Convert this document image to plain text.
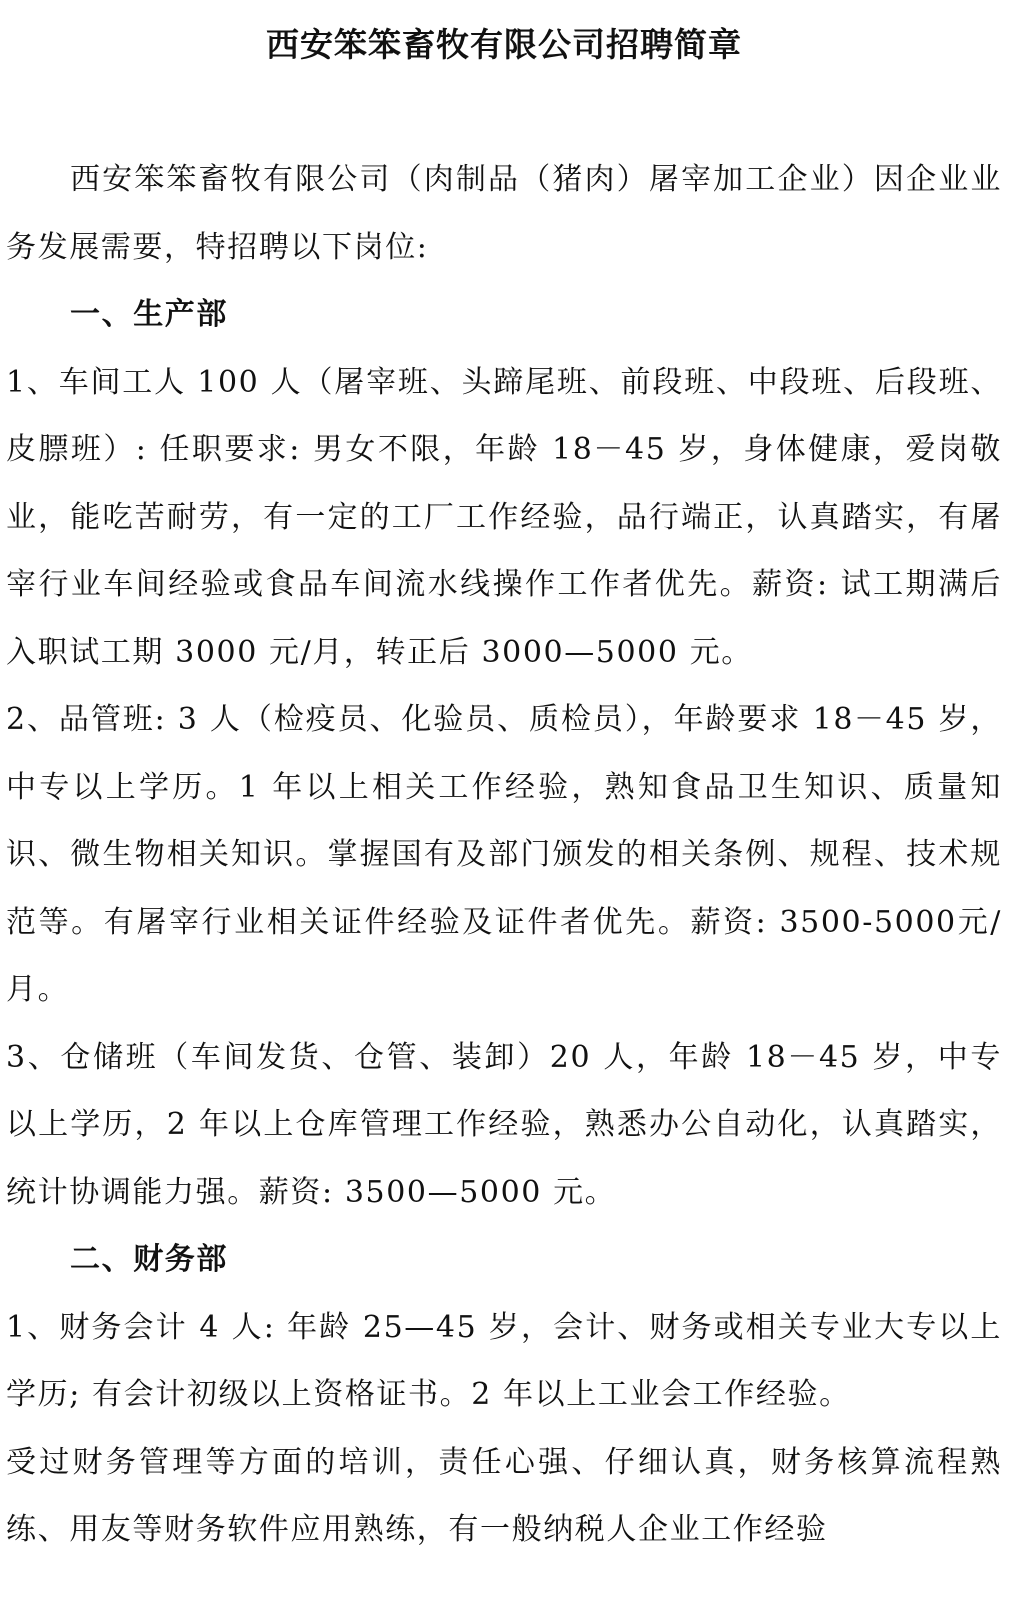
西安笨笨畜牧有限公司招聘简章

西安笨笨畜牧有限公司（肉制品（猪肉）屠宰加工企业）因企业业务发展需要，特招聘以下岗位:

一、生产部

1、车间工人 100 人（屠宰班、头蹄尾班、前段班、中段班、后段班、皮膘班）: 任职要求: 男女不限，年龄 18－45 岁，身体健康，爱岗敬业，能吃苦耐劳，有一定的工厂工作经验，品行端正，认真踏实，有屠宰行业车间经验或食品车间流水线操作工作者优先。薪资: 试工期满后入职试工期 3000 元/月，转正后 3000—5000 元。

2、品管班: 3 人（检疫员、化验员、质检员），年龄要求 18－45 岁，中专以上学历。1 年以上相关工作经验，熟知食品卫生知识、质量知识、微生物相关知识。掌握国有及部门颁发的相关条例、规程、技术规范等。有屠宰行业相关证件经验及证件者优先。薪资: 3500-5000元/月。

3、仓储班（车间发货、仓管、装卸）20 人，年龄 18－45 岁，中专以上学历，2 年以上仓库管理工作经验，熟悉办公自动化，认真踏实，统计协调能力强。薪资: 3500—5000 元。

二、财务部

1、财务会计 4 人: 年龄 25—45 岁，会计、财务或相关专业大专以上学历; 有会计初级以上资格证书。2 年以上工业会工作经验。

受过财务管理等方面的培训，责任心强、仔细认真，财务核算流程熟练、用友等财务软件应用熟练，有一般纳税人企业工作经验
